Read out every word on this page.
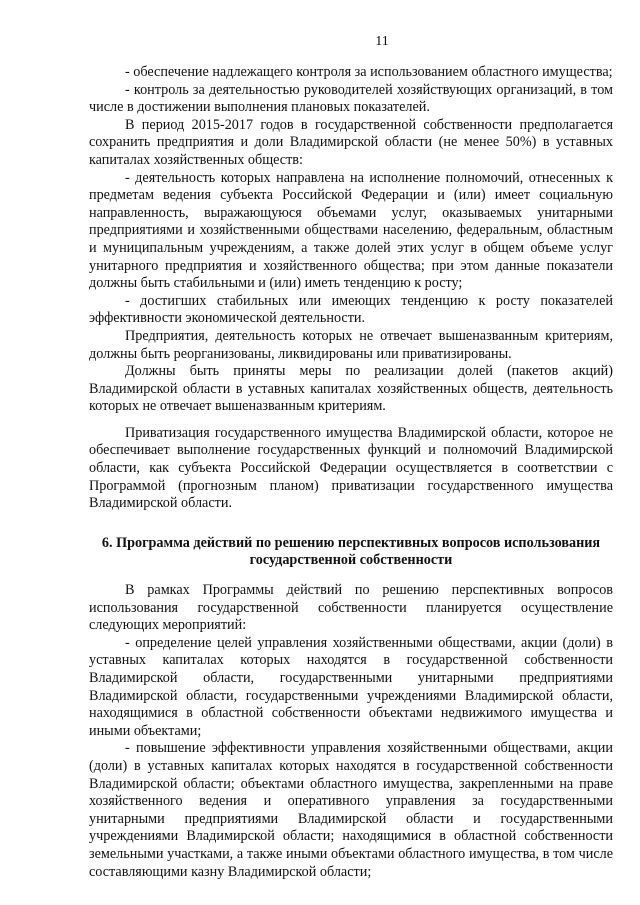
11

- обеспечение надлежащего контроля за использованием областного имущества;

- контроль за деятельностью руководителей хозяйствующих организаций, в том числе в достижении выполнения плановых показателей.

В период 2015-2017 годов в государственной собственности предполагается сохранить предприятия и доли Владимирской области (не менее 50%) в уставных капиталах хозяйственных обществ:

- деятельность которых направлена на исполнение полномочий, отнесенных к предметам ведения субъекта Российской Федерации и (или) имеет социальную направленность, выражающуюся объемами услуг, оказываемых унитарными предприятиями и хозяйственными обществами населению, федеральным, областным и муниципальным учреждениям, а также долей этих услуг в общем объеме услуг унитарного предприятия и хозяйственного общества; при этом данные показатели должны быть стабильными и (или) иметь тенденцию к росту;

- достигших стабильных или имеющих тенденцию к росту показателей эффективности экономической деятельности.

Предприятия, деятельность которых не отвечает вышеназванным критериям, должны быть реорганизованы, ликвидированы или приватизированы.

Должны быть приняты меры по реализации долей (пакетов акций) Владимирской области в уставных капиталах хозяйственных обществ, деятельность которых не отвечает вышеназванным критериям.

Приватизация государственного имущества Владимирской области, которое не обеспечивает выполнение государственных функций и полномочий Владимирской области, как субъекта Российской Федерации осуществляется в соответствии с Программой (прогнозным планом) приватизации государственного имущества Владимирской области.

6. Программа действий по решению перспективных вопросов использования
государственной собственности

В рамках Программы действий по решению перспективных вопросов использования государственной собственности планируется осуществление следующих мероприятий:

- определение целей управления хозяйственными обществами, акции (доли) в уставных капиталах которых находятся в государственной собственности Владимирской области, государственными унитарными предприятиями Владимирской области, государственными учреждениями Владимирской области, находящимися в областной собственности объектами недвижимого имущества и иными объектами;

- повышение эффективности управления хозяйственными обществами, акции (доли) в уставных капиталах которых находятся в государственной собственности Владимирской области; объектами областного имущества, закрепленными на праве хозяйственного ведения и оперативного управления за государственными унитарными предприятиями Владимирской области и государственными учреждениями Владимирской области; находящимися в областной собственности земельными участками, а также иными объектами областного имущества, в том числе составляющими казну Владимирской области;
